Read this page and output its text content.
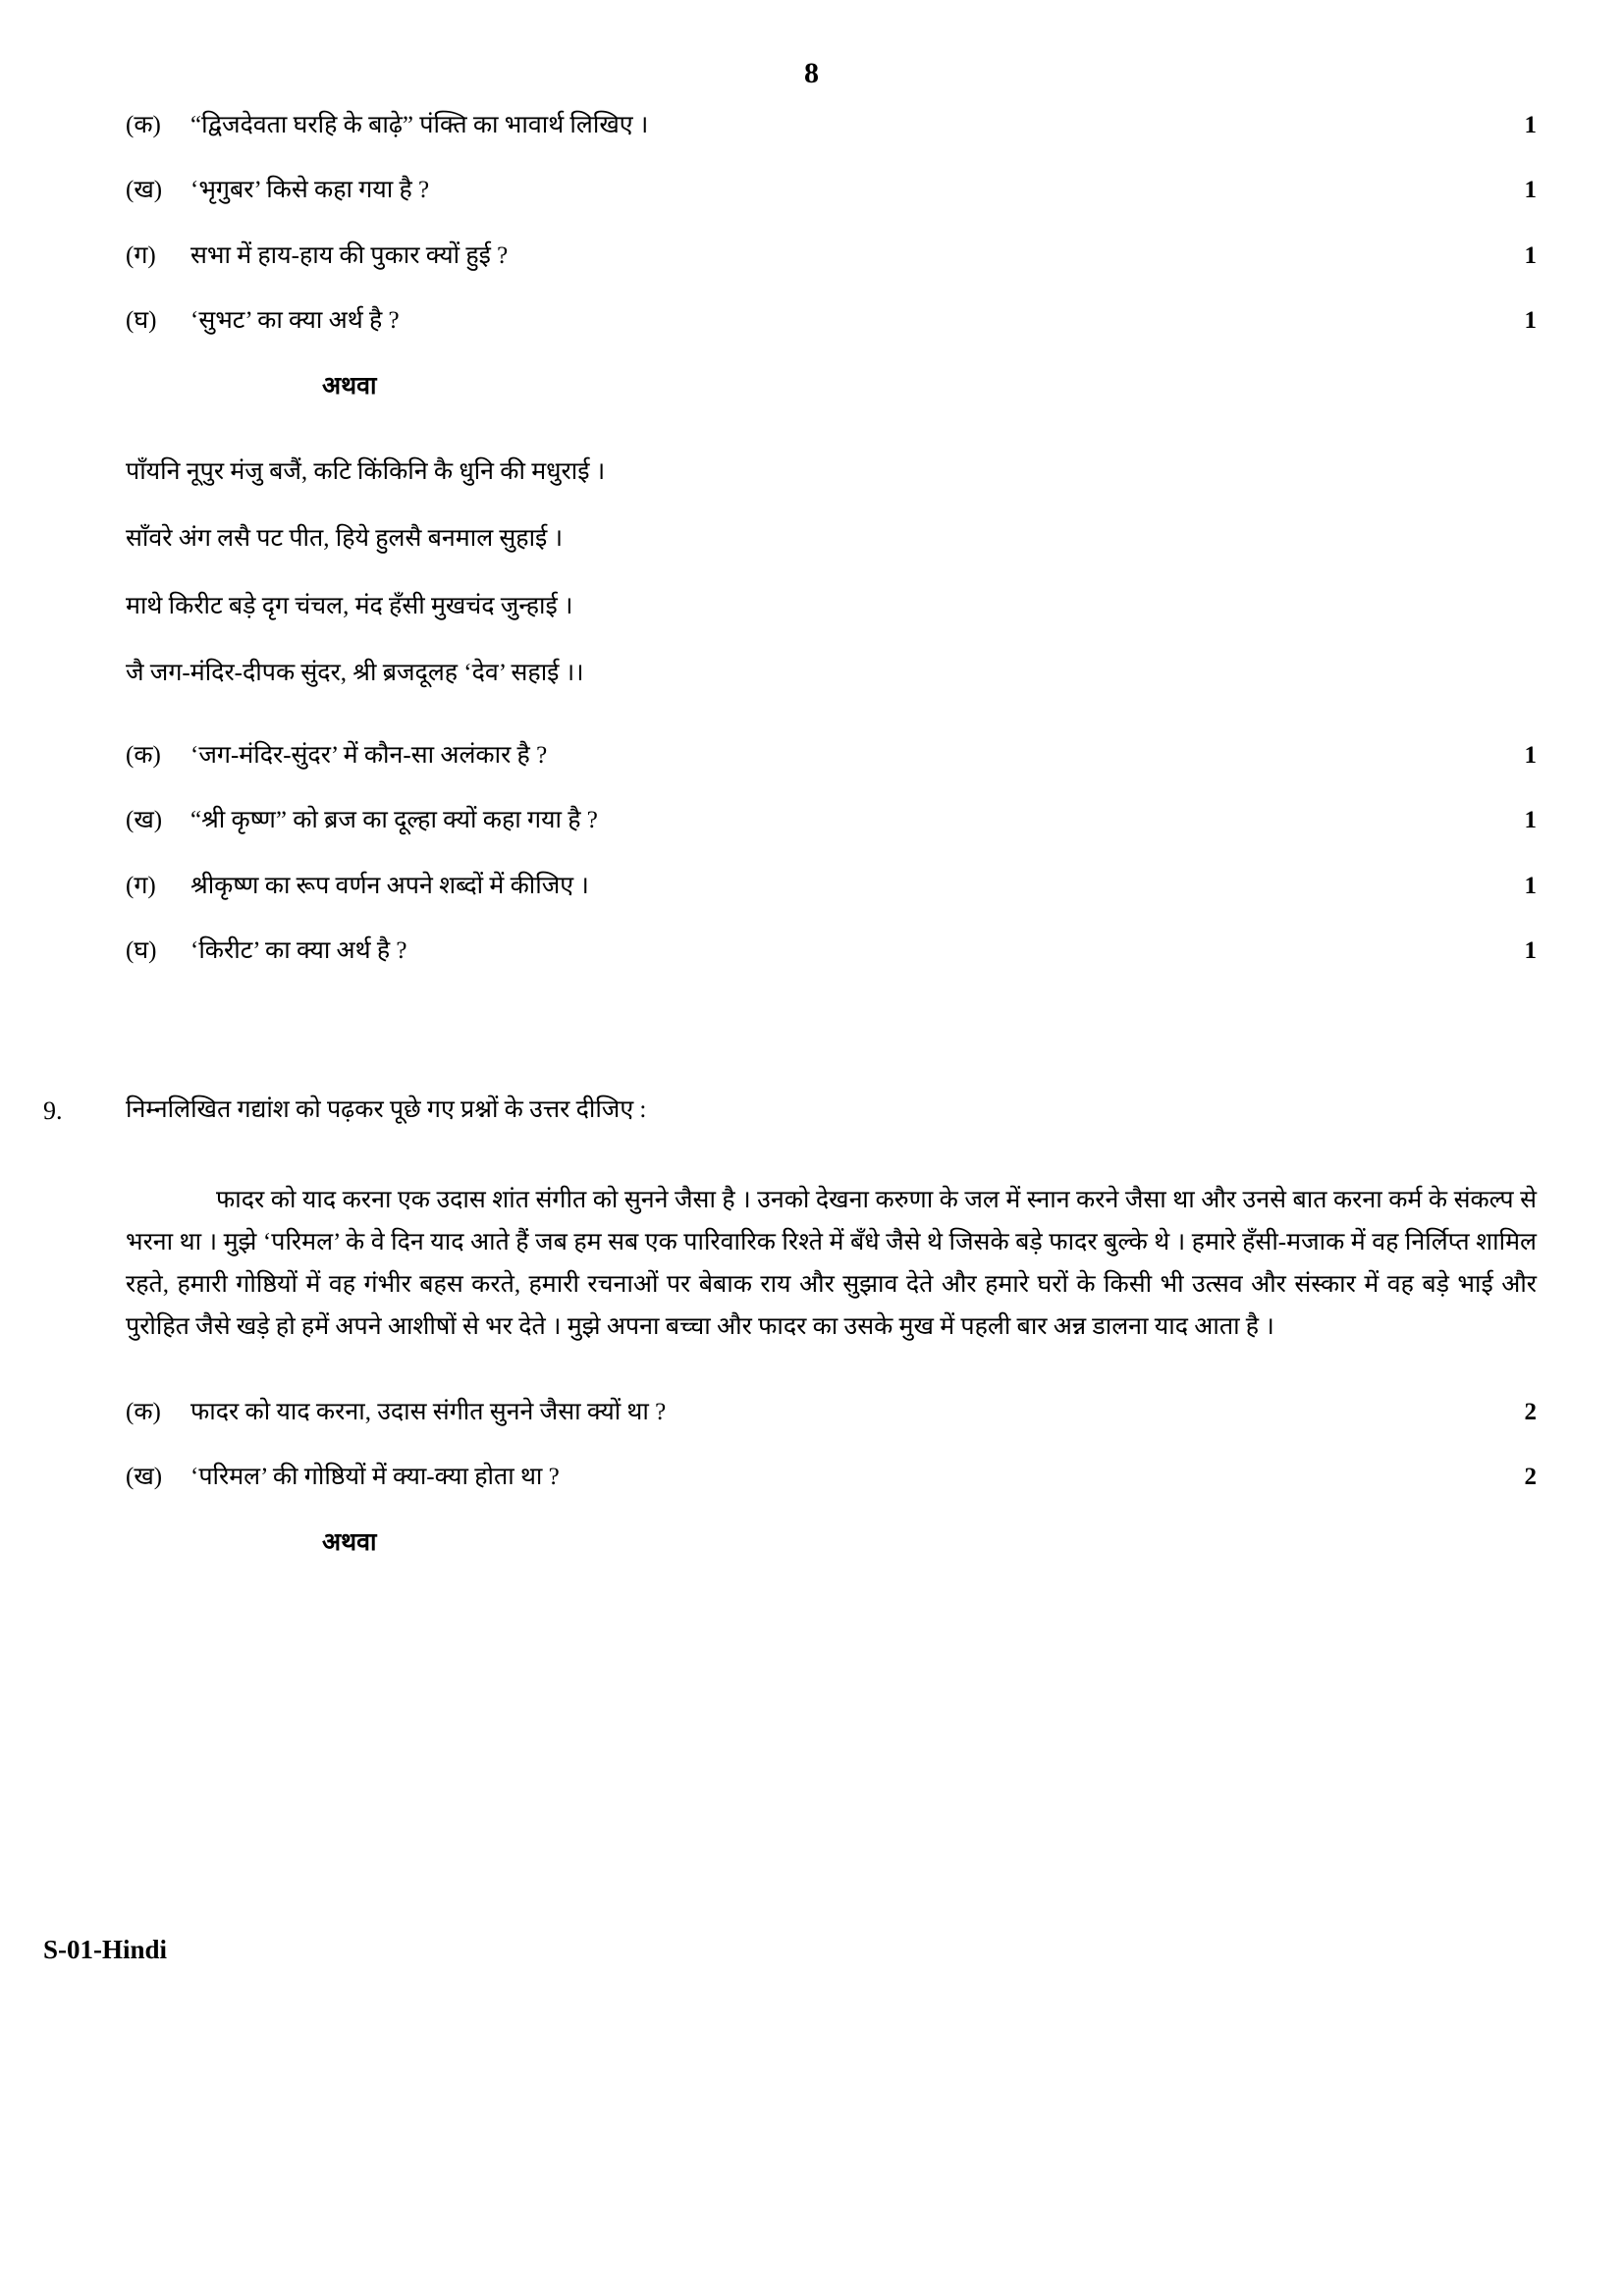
8
(क)	“द्विजदेवता घरहि के बाढ़े” पंक्ति का भावार्थ लिखिए ।	1
(ख)	‘भृगुबर’ किसे कहा गया है ?	1
(ग)	सभा में हाय-हाय की पुकार क्यों हुई ?	1
(घ)	‘सुभट’ का क्या अर्थ है ?	1
अथवा
पाँयनि नूपुर मंजु बजैं, कटि किंकिनि कै धुनि की मधुराई ।
साँवरे अंग लसै पट पीत, हिये हुलसै बनमाल सुहाई ।
माथे किरीट बड़े दृग चंचल, मंद हँसी मुखचंद जुन्हाई ।
जै जग-मंदिर-दीपक सुंदर, श्री ब्रजदूलह ‘देव’ सहाई ।।
(क)	‘जग-मंदिर-सुंदर’ में कौन-सा अलंकार है ?	1
(ख)	“श्री कृष्ण” को ब्रज का दूल्हा क्यों कहा गया है ?	1
(ग)	श्रीकृष्ण का रूप वर्णन अपने शब्दों में कीजिए ।	1
(घ)	‘किरीट’ का क्या अर्थ है ?	1
9.	निम्नलिखित गद्यांश को पढ़कर पूछे गए प्रश्नों के उत्तर दीजिए :

फादर को याद करना एक उदास शांत संगीत को सुनने जैसा है । उनको देखना करुणा के जल में स्नान करने जैसा था और उनसे बात करना कर्म के संकल्प से भरना था । मुझे ‘परिमल’ के वे दिन याद आते हैं जब हम सब एक पारिवारिक रिश्ते में बँधे जैसे थे जिसके बड़े फादर बुल्के थे । हमारे हँसी-मजाक में वह निर्लिप्त शामिल रहते, हमारी गोष्ठियों में वह गंभीर बहस करते, हमारी रचनाओं पर बेबाक राय और सुझाव देते और हमारे घरों के किसी भी उत्सव और संस्कार में वह बड़े भाई और पुरोहित जैसे खड़े हो हमें अपने आशीषों से भर देते । मुझे अपना बच्चा और फादर का उसके मुख में पहली बार अन्न डालना याद आता है ।

(क)	फादर को याद करना, उदास संगीत सुनने जैसा क्यों था ?	2
(ख)	‘परिमल’ की गोष्ठियों में क्या-क्या होता था ?	2
अथवा
S-01-Hindi
